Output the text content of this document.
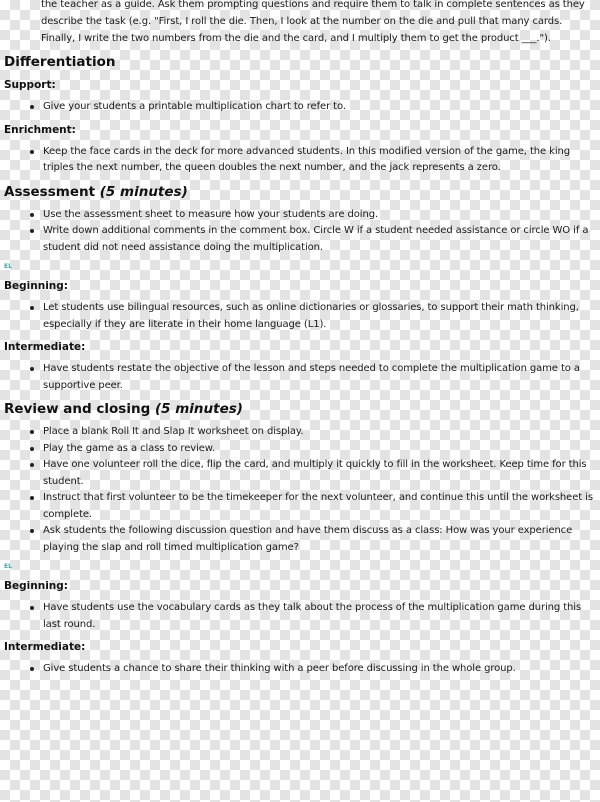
the teacher as a guide. Ask them prompting questions and require them to talk in complete sentences as they describe the task (e.g. "First, I roll the die. Then, I look at the number on the die and pull that many cards. Finally, I write the two numbers from the die and the card, and I multiply them to get the product ___.").

Differentiation
Support:
Give your students a printable multiplication chart to refer to.
Enrichment:
Keep the face cards in the deck for more advanced students. In this modified version of the game, the king triples the next number, the queen doubles the next number, and the jack represents a zero.
Assessment (5 minutes)
Use the assessment sheet to measure how your students are doing.
Write down additional comments in the comment box. Circle W if a student needed assistance or circle WO if a student did not need assistance doing the multiplication.

EL

Beginning:
Let students use bilingual resources, such as online dictionaries or glossaries, to support their math thinking, especially if they are literate in their home language (L1).
Intermediate:
Have students restate the objective of the lesson and steps needed to complete the multiplication game to a supportive peer.
Review and closing (5 minutes)
Place a blank Roll It and Slap It worksheet on display.
Play the game as a class to review.
Have one volunteer roll the dice, flip the card, and multiply it quickly to fill in the worksheet. Keep time for this student.
Instruct that first volunteer to be the timekeeper for the next volunteer, and continue this until the worksheet is complete.
Ask students the following discussion question and have them discuss as a class: How was your experience playing the slap and roll timed multiplication game?

EL

Beginning:
Have students use the vocabulary cards as they talk about the process of the multiplication game during this last round.
Intermediate:
Give students a chance to share their thinking with a peer before discussing in the whole group.
